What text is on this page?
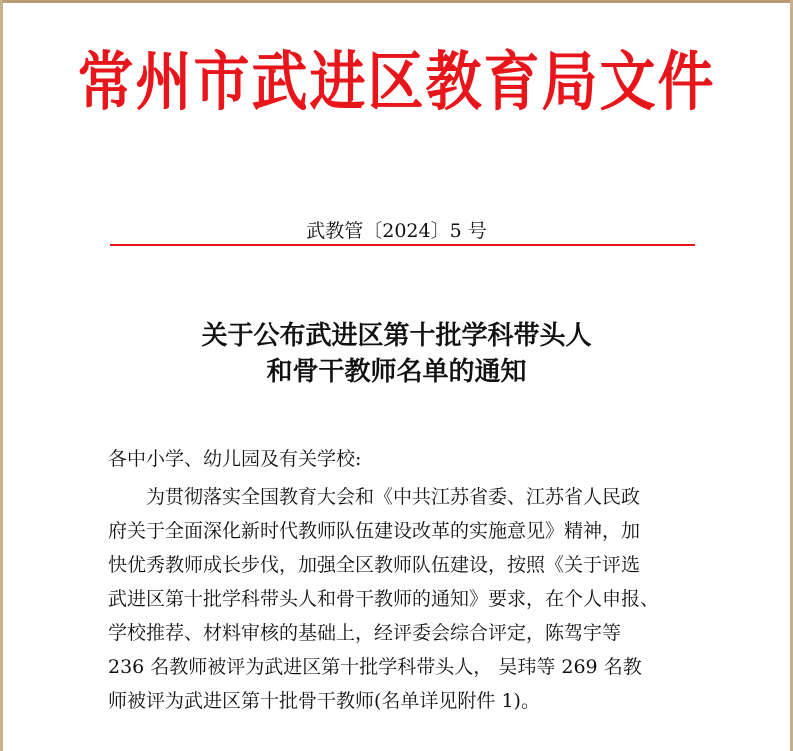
常州市武进区教育局文件
武教管〔2024〕5 号
关于公布武进区第十批学科带头人
和骨干教师名单的通知
各中小学、幼儿园及有关学校:
为贯彻落实全国教育大会和《中共江苏省委、江苏省人民政
府关于全面深化新时代教师队伍建设改革的实施意见》精神，加
快优秀教师成长步伐，加强全区教师队伍建设，按照《关于评选
武进区第十批学科带头人和骨干教师的通知》要求，在个人申报、
学校推荐、材料审核的基础上，经评委会综合评定，陈驾宇等
236 名教师被评为武进区第十批学科带头人， 吴玮等 269 名教
师被评为武进区第十批骨干教师(名单详见附件 1)。
